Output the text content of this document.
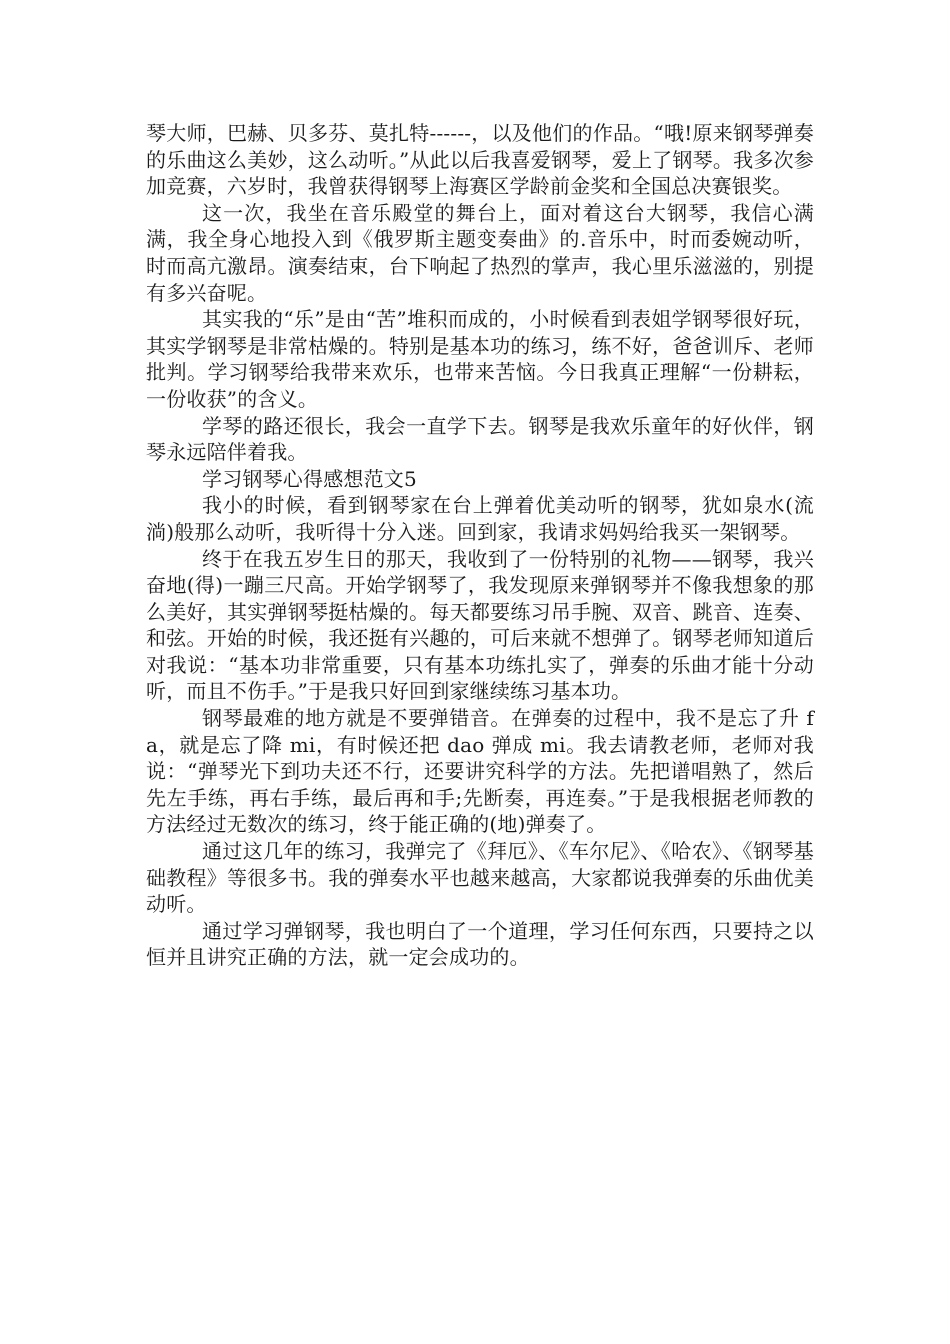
琴大师，巴赫、贝多芬、莫扎特------，以及他们的作品。“哦!原来钢琴弹奏的乐曲这么美妙，这么动听。”从此以后我喜爱钢琴，爱上了钢琴。我多次参加竞赛，六岁时，我曾获得钢琴上海赛区学龄前金奖和全国总决赛银奖。

这一次，我坐在音乐殿堂的舞台上，面对着这台大钢琴，我信心满满，我全身心地投入到《俄罗斯主题变奏曲》的.音乐中，时而委婉动听，时而高亢激昂。演奏结束，台下响起了热烈的掌声，我心里乐滋滋的，别提有多兴奋呢。

其实我的“乐”是由“苦”堆积而成的，小时候看到表姐学钢琴很好玩，其实学钢琴是非常枯燥的。特别是基本功的练习，练不好，爸爸训斥、老师批判。学习钢琴给我带来欢乐，也带来苦恼。今日我真正理解“一份耕耘，一份收获”的含义。

学琴的路还很长，我会一直学下去。钢琴是我欢乐童年的好伙伴，钢琴永远陪伴着我。

学习钢琴心得感想范文5

我小的时候，看到钢琴家在台上弹着优美动听的钢琴，犹如泉水(流淌)般那么动听，我听得十分入迷。回到家，我请求妈妈给我买一架钢琴。

终于在我五岁生日的那天，我收到了一份特别的礼物——钢琴，我兴奋地(得)一蹦三尺高。开始学钢琴了，我发现原来弹钢琴并不像我想象的那么美好，其实弹钢琴挺枯燥的。每天都要练习吊手腕、双音、跳音、连奏、和弦。开始的时候，我还挺有兴趣的，可后来就不想弹了。钢琴老师知道后对我说：“基本功非常重要，只有基本功练扎实了，弹奏的乐曲才能十分动听，而且不伤手。”于是我只好回到家继续练习基本功。

钢琴最难的地方就是不要弹错音。在弹奏的过程中，我不是忘了升 fa，就是忘了降 mi，有时候还把 dao 弹成 mi。我去请教老师，老师对我说：“弹琴光下到功夫还不行，还要讲究科学的方法。先把谱唱熟了，然后先左手练，再右手练，最后再和手;先断奏，再连奏。”于是我根据老师教的方法经过无数次的练习，终于能正确的(地)弹奏了。

通过这几年的练习，我弹完了《拜厄》、《车尔尼》、《哈农》、《钢琴基础教程》等很多书。我的弹奏水平也越来越高，大家都说我弹奏的乐曲优美动听。

通过学习弹钢琴，我也明白了一个道理，学习任何东西，只要持之以恒并且讲究正确的方法，就一定会成功的。
